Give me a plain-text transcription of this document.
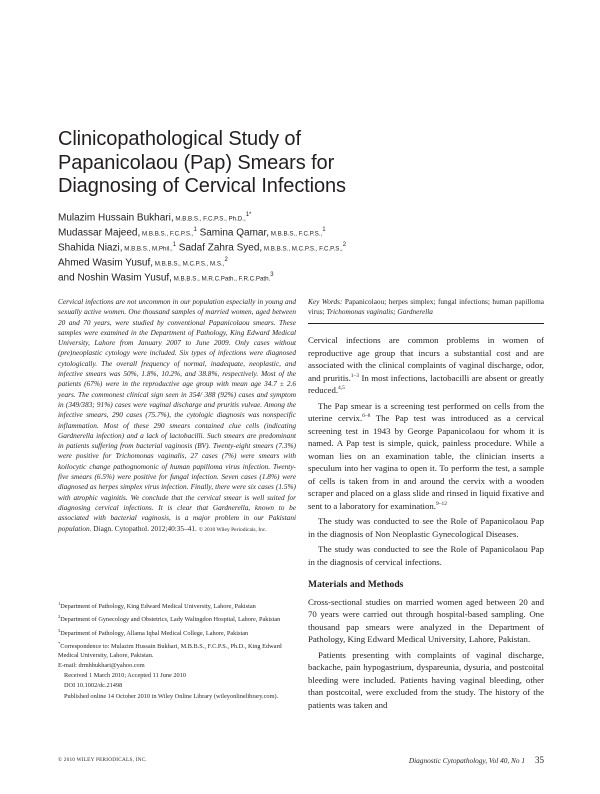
Clinicopathological Study of
Papanicolaou (Pap) Smears for
Diagnosing of Cervical Infections
Mulazim Hussain Bukhari, M.B.B.S., F.C.P.S., Ph.D.,$^{1*}$
Mudassar Majeed, M.B.B.S., F.C.P.S.,$^1$ Samina Qamar, M.B.B.S., F.C.P.S.,$^1$
Shahida Niazi, M.B.B.S., M.Phil.,$^1$ Sadaf Zahra Syed, M.B.B.S., M.C.P.S., F.C.P.S.,$^2$
Ahmed Wasim Yusuf, M.B.B.S., M.C.P.S., M.S.,$^2$
and Noshin Wasim Yusuf, M.B.B.S., M.R.C.Path., F.R.C.Path.$^3$
Cervical infections are not uncommon in our population especially in young and sexually active women. One thousand samples of married women, aged between 20 and 70 years, were studied by conventional Papanicolaou smears. These samples were examined in the Department of Pathology, King Edward Medical University, Lahore from January 2007 to June 2009. Only cases without (pre)neoplastic cytology were included. Six types of infections were diagnosed cytologically. The overall frequency of normal, inadequate, neoplastic, and infective smears was 50%, 1.8%, 10.2%, and 38.8%, respectively. Most of the patients (67%) were in the reproductive age group with mean age 34.7 ± 2.6 years. The commonest clinical sign seen in 354/ 388 (92%) cases and symptom in (349/383; 91%) cases were vaginal discharge and pruritis vulvae. Among the infective smears, 290 cases (75.7%), the cytologic diagnosis was nonspecific inflammation. Most of these 290 smears contained clue cells (indicating Gardnerella infection) and a lack of lactobacilli. Such smears are predominant in patients suffering from bacterial vaginosis (BV). Twenty-eight smears (7.3%) were positive for Trichomonas vaginalis, 27 cases (7%) were smears with koilocytic change pathognomonic of human papilloma virus infection. Twenty-five smears (6.5%) were positive for fungal infection. Seven cases (1.8%) were diagnosed as herpes simplex virus infection. Finally, there were six cases (1.5%) with atrophic vaginitis. We conclude that the cervical smear is well suited for diagnosing cervical infections. It is clear that Gardnerella, known to be associated with bacterial vaginosis, is a major problem in our Pakistani population. Diagn. Cytopathol. 2012;40:35–41. © 2010 Wiley Periodicals, Inc.
Key Words: Papanicolaou; herpes simplex; fungal infections; human papilloma virus; Trichomonas vaginalis; Gardnerella

Cervical infections are common problems in women of reproductive age group that incurs a substantial cost and are associated with the clinical complaints of vaginal discharge, odor, and pruritis.$^{1-3}$ In most infections, lactobacilli are absent or greatly reduced.$^{4,5}$

The Pap smear is a screening test performed on cells from the uterine cervix.$^{6-8}$ The Pap test was introduced as a cervical screening test in 1943 by George Papanicolaou for whom it is named. A Pap test is simple, quick, painless procedure. While a woman lies on an examination table, the clinician inserts a speculum into her vagina to open it. To perform the test, a sample of cells is taken from in and around the cervix with a wooden scraper and placed on a glass slide and rinsed in liquid fixative and sent to a laboratory for examination.$^{9-12}$

The study was conducted to see the Role of Papanicolaou Pap in the diagnosis of Non Neoplastic Gynecological Diseases.

The study was conducted to see the Role of Papanicolaou Pap in the diagnosis of cervical infections.

Materials and Methods

Cross-sectional studies on married women aged between 20 and 70 years were carried out through hospital-based sampling. One thousand pap smears were analyzed in the Department of Pathology, King Edward Medical University, Lahore, Pakistan.

Patients presenting with complaints of vaginal discharge, backache, pain hypogastrium, dyspareunia, dysuria, and postcoital bleeding were included. Patients having vaginal bleeding, other than postcoital, were excluded from the study. The history of the patients was taken and

$^1$Department of Pathology, King Edward Medical University, Lahore, Pakistan
$^2$Department of Gynecology and Obstetrics, Lady Walingdon Hospital, Lahore, Pakistan
$^3$Department of Pathology, Allama Iqbal Medical College, Lahore, Pakistan
*Correspondence to: Mulazim Hussain Bukhari, M.B.B.S., F.C.P.S., Ph.D., King Edward Medical University, Lahore, Pakistan.
E-mail: drmhbukhari@yahoo.com
Received 1 March 2010; Accepted 11 June 2010
DOI 10.1002/dc.21498
Published online 14 October 2010 in Wiley Online Library (wileyonlinelibrary.com).
© 2010 WILEY PERIODICALS, INC.	Diagnostic Cytopathology, Vol 40, No 1 35
